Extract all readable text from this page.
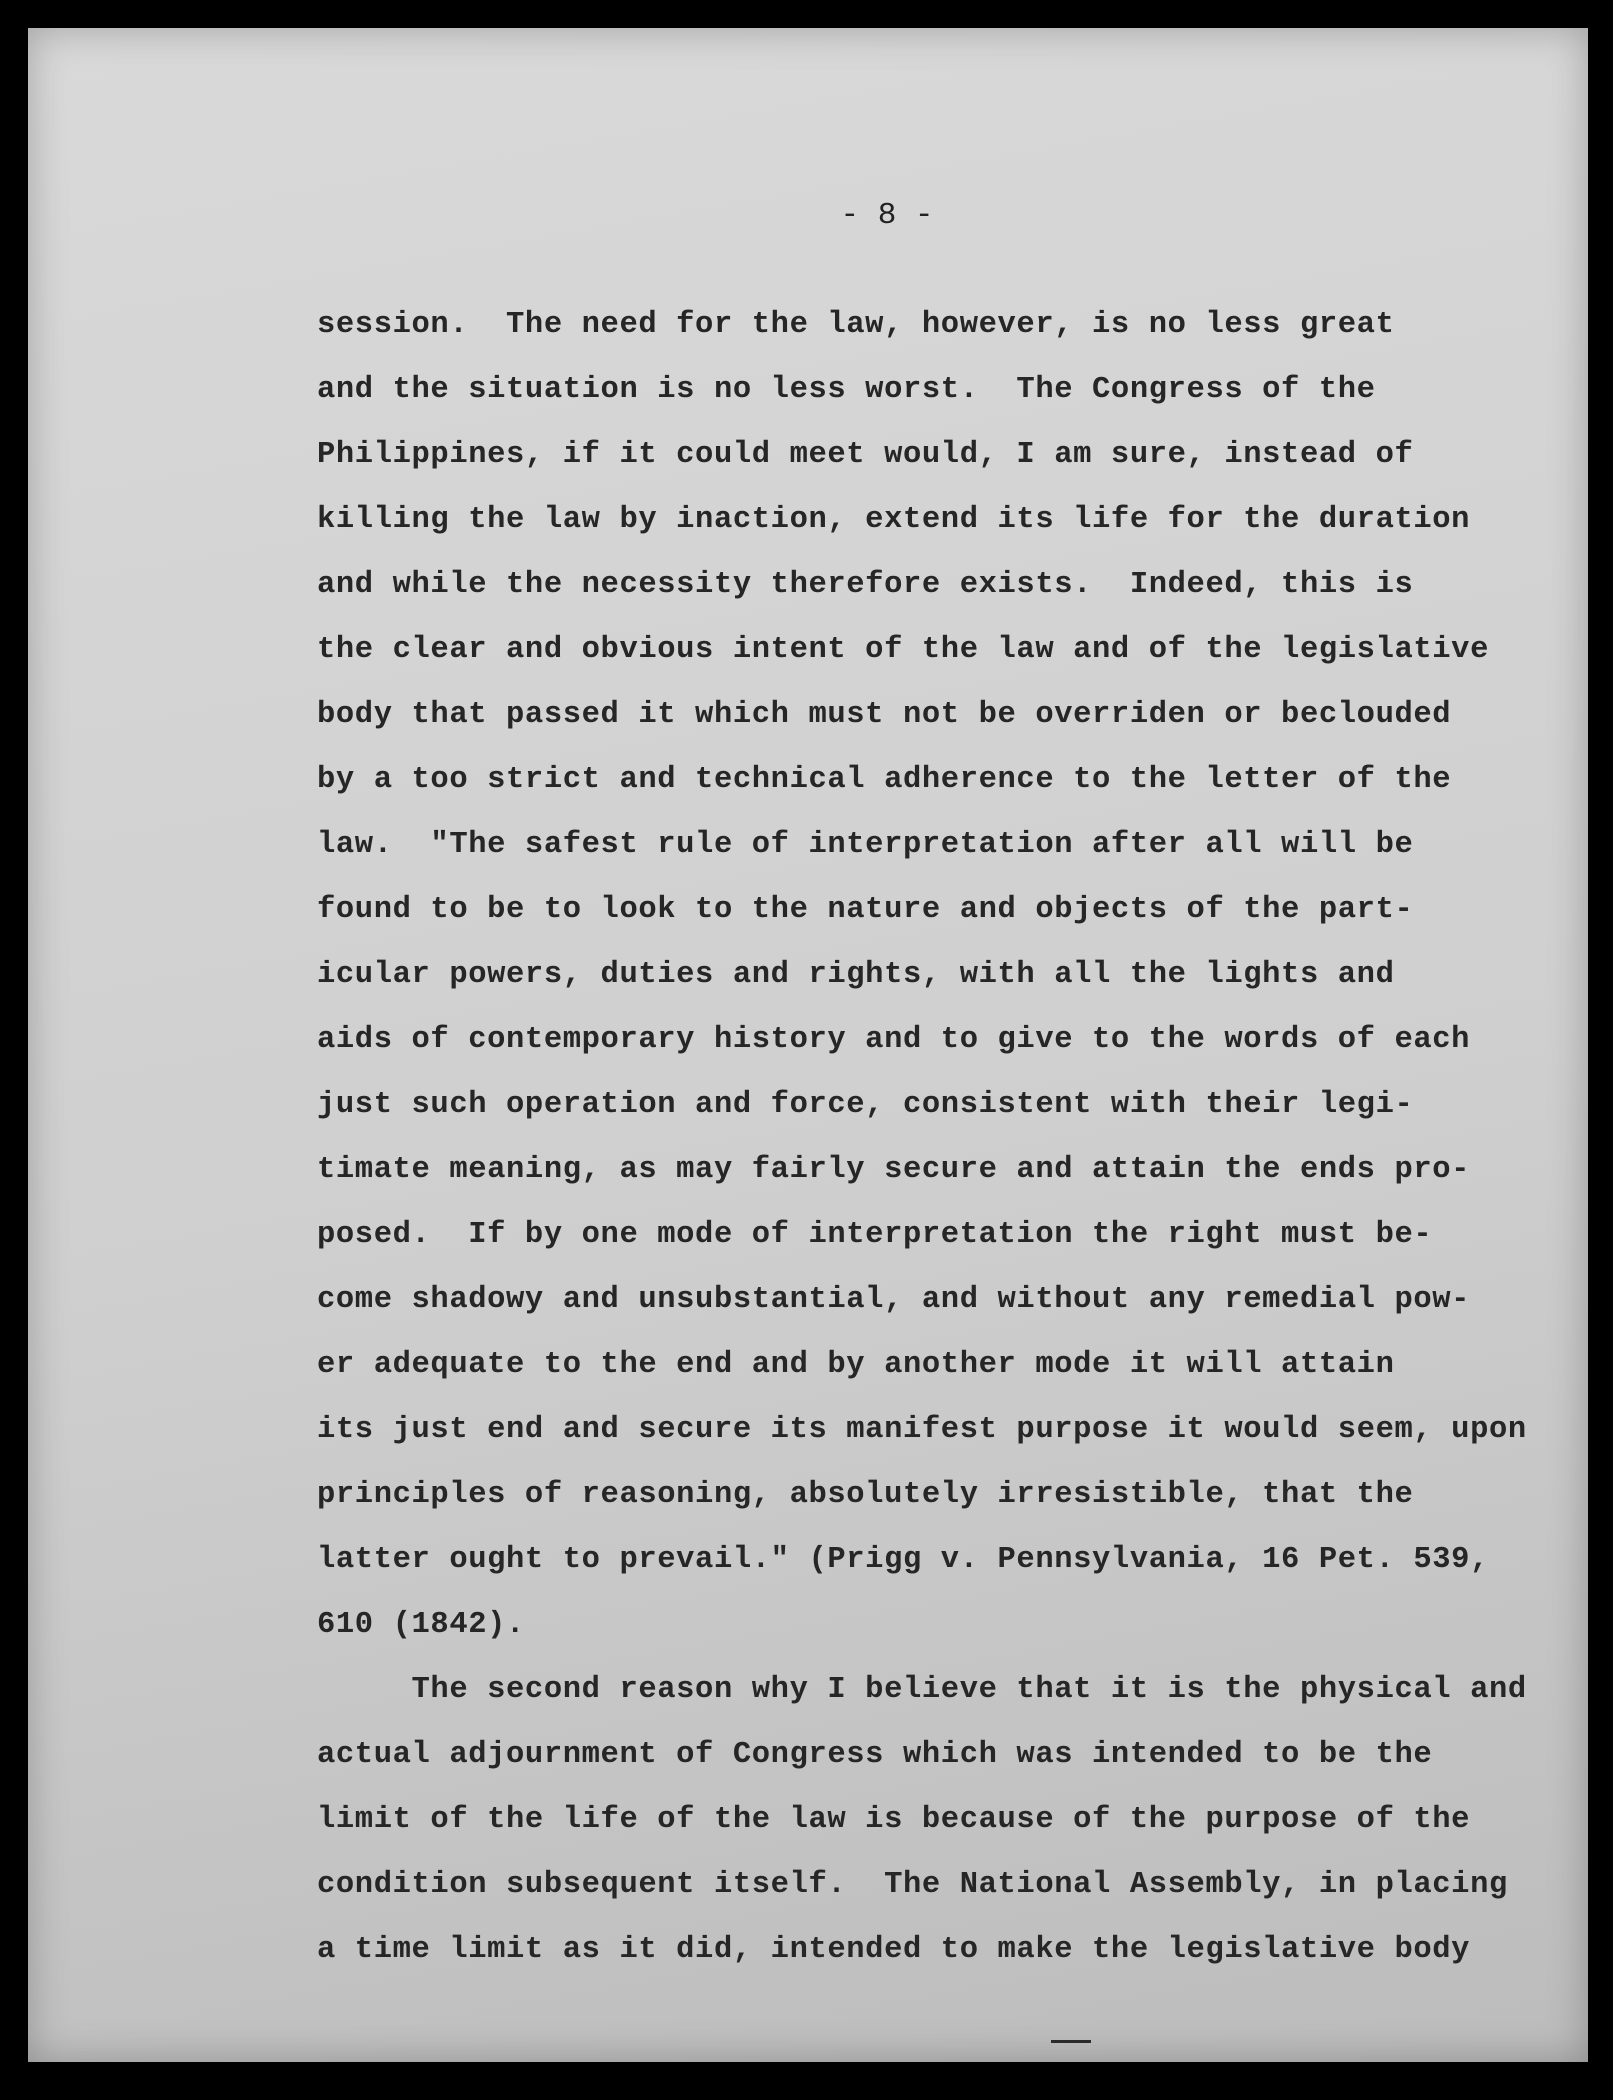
- 8 -
session.  The need for the law, however, is no less great
and the situation is no less worst.  The Congress of the
Philippines, if it could meet would, I am sure, instead of
killing the law by inaction, extend its life for the duration
and while the necessity therefore exists.  Indeed, this is
the clear and obvious intent of the law and of the legislative
body that passed it which must not be overriden or beclouded
by a too strict and technical adherence to the letter of the
law.  "The safest rule of interpretation after all will be
found to be to look to the nature and objects of the part-
icular powers, duties and rights, with all the lights and
aids of contemporary history and to give to the words of each
just such operation and force, consistent with their legi-
timate meaning, as may fairly secure and attain the ends pro-
posed.  If by one mode of interpretation the right must be-
come shadowy and unsubstantial, and without any remedial pow-
er adequate to the end and by another mode it will attain
its just end and secure its manifest purpose it would seem, upon
principles of reasoning, absolutely irresistible, that the
latter ought to prevail." (Prigg v. Pennsylvania, 16 Pet. 539,
610 (1842).
The second reason why I believe that it is the physical and
actual adjournment of Congress which was intended to be the
limit of the life of the law is because of the purpose of the
condition subsequent itself.  The National Assembly, in placing
a time limit as it did, intended to make the legislative body
